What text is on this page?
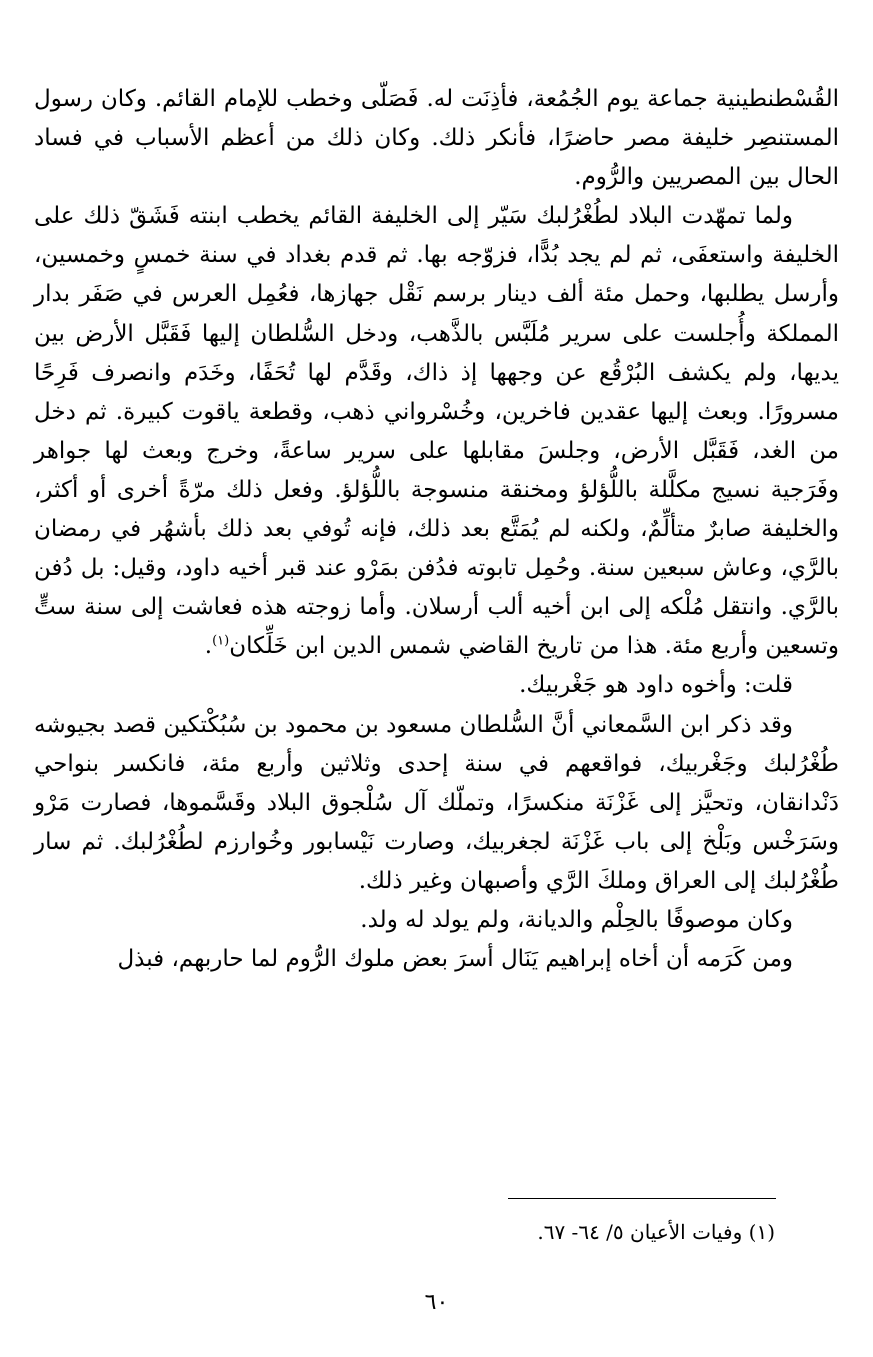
القُسْطنطينية جماعة يوم الجُمُعة، فأذِنَت له. فَصَلّى وخطب للإمام القائم. وكان رسول المستنصِر خليفة مصر حاضرًا، فأنكر ذلك. وكان ذلك من أعظم الأسباب في فساد الحال بين المصريين والرُّوم.

ولما تمهّدت البلاد لطُغْرُلبك سَيّر إلى الخليفة القائم يخطب ابنته فَشَقّ ذلك على الخليفة واستعفَى، ثم لم يجد بُدًّا، فزوّجه بها. ثم قدم بغداد في سنة خمسٍ وخمسين، وأرسل يطلبها، وحمل مئة ألف دينار برسم نَقْل جهازها، فعُمِل العرس في صَفَر بدار المملكة وأُجلست على سرير مُلَبَّس بالذَّهب، ودخل السُّلطان إليها فَقَبَّل الأرض بين يديها، ولم يكشف البُرْقُع عن وجهها إذ ذاك، وقَدَّم لها تُحَفًا، وخَدَم وانصرف فَرِحًا مسرورًا. وبعث إليها عقدين فاخرين، وخُسْرواني ذهب، وقطعة ياقوت كبيرة. ثم دخل من الغد، فَقَبَّل الأرض، وجلسَ مقابلها على سرير ساعةً، وخرج وبعث لها جواهر وفَرَجية نسيج مكلَّلة باللُّؤلؤ ومخنقة منسوجة باللُّؤلؤ. وفعل ذلك مرّةً أخرى أو أكثر، والخليفة صابرٌ متألِّمٌ، ولكنه لم يُمَتَّع بعد ذلك، فإنه تُوفي بعد ذلك بأشهُر في رمضان بالرَّي، وعاش سبعين سنة. وحُمِل تابوته فدُفن بمَرْو عند قبر أخيه داود، وقيل: بل دُفن بالرَّي. وانتقل مُلْكه إلى ابن أخيه ألب أرسلان. وأما زوجته هذه فعاشت إلى سنة ستٍّ وتسعين وأربع مئة. هذا من تاريخ القاضي شمس الدين ابن خَلِّكان$^{(١)}$.

قلت: وأخوه داود هو جَغْربيك.

وقد ذكر ابن السَّمعاني أنَّ السُّلطان مسعود بن محمود بن سُبُكْتكين قصد بجيوشه طُغْرُلبك وجَغْربيك، فواقعهم في سنة إحدى وثلاثين وأربع مئة، فانكسر بنواحي دَنْدانقان، وتحيَّز إلى غَزْنَة منكسرًا، وتملّك آل سُلْجوق البلاد وقَسَّموها، فصارت مَرْو وسَرَخْس وبَلْخ إلى باب غَزْنَة لجغربيك، وصارت نَيْسابور وخُوارزم لطُغْرُلبك. ثم سار طُغْرُلبك إلى العراق وملكَ الرَّي وأصبهان وغير ذلك.

وكان موصوفًا بالحِلْم والديانة، ولم يولد له ولد.

ومن كَرَمه أن أخاه إبراهيم يَنَال أسرَ بعض ملوك الرُّوم لما حاربهم، فبذل

(١) وفيات الأعيان ٥/ ٦٤- ٦٧.
٦٠
